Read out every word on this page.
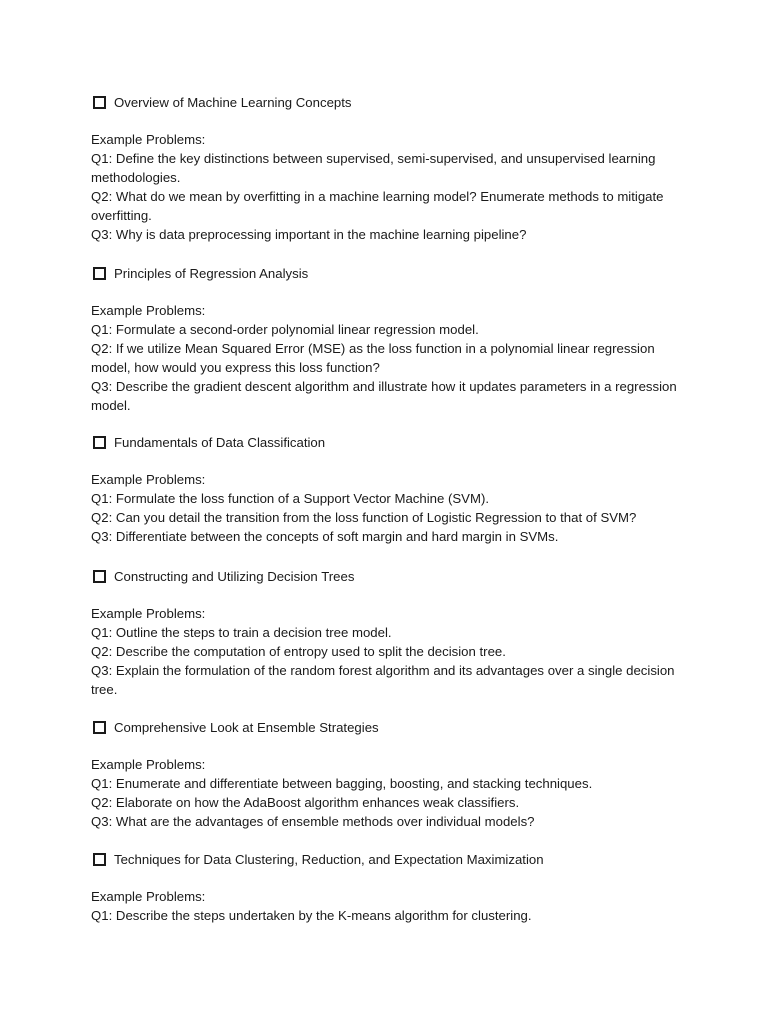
Overview of Machine Learning Concepts
Example Problems:
Q1: Define the key distinctions between supervised, semi-supervised, and unsupervised learning methodologies.
Q2: What do we mean by overfitting in a machine learning model? Enumerate methods to mitigate overfitting.
Q3: Why is data preprocessing important in the machine learning pipeline?
Principles of Regression Analysis
Example Problems:
Q1: Formulate a second-order polynomial linear regression model.
Q2: If we utilize Mean Squared Error (MSE) as the loss function in a polynomial linear regression model, how would you express this loss function?
Q3: Describe the gradient descent algorithm and illustrate how it updates parameters in a regression model.
Fundamentals of Data Classification
Example Problems:
Q1: Formulate the loss function of a Support Vector Machine (SVM).
Q2: Can you detail the transition from the loss function of Logistic Regression to that of SVM?
Q3: Differentiate between the concepts of soft margin and hard margin in SVMs.
Constructing and Utilizing Decision Trees
Example Problems:
Q1: Outline the steps to train a decision tree model.
Q2: Describe the computation of entropy used to split the decision tree.
Q3: Explain the formulation of the random forest algorithm and its advantages over a single decision tree.
Comprehensive Look at Ensemble Strategies
Example Problems:
Q1: Enumerate and differentiate between bagging, boosting, and stacking techniques.
Q2: Elaborate on how the AdaBoost algorithm enhances weak classifiers.
Q3: What are the advantages of ensemble methods over individual models?
Techniques for Data Clustering, Reduction, and Expectation Maximization
Example Problems:
Q1: Describe the steps undertaken by the K-means algorithm for clustering.
